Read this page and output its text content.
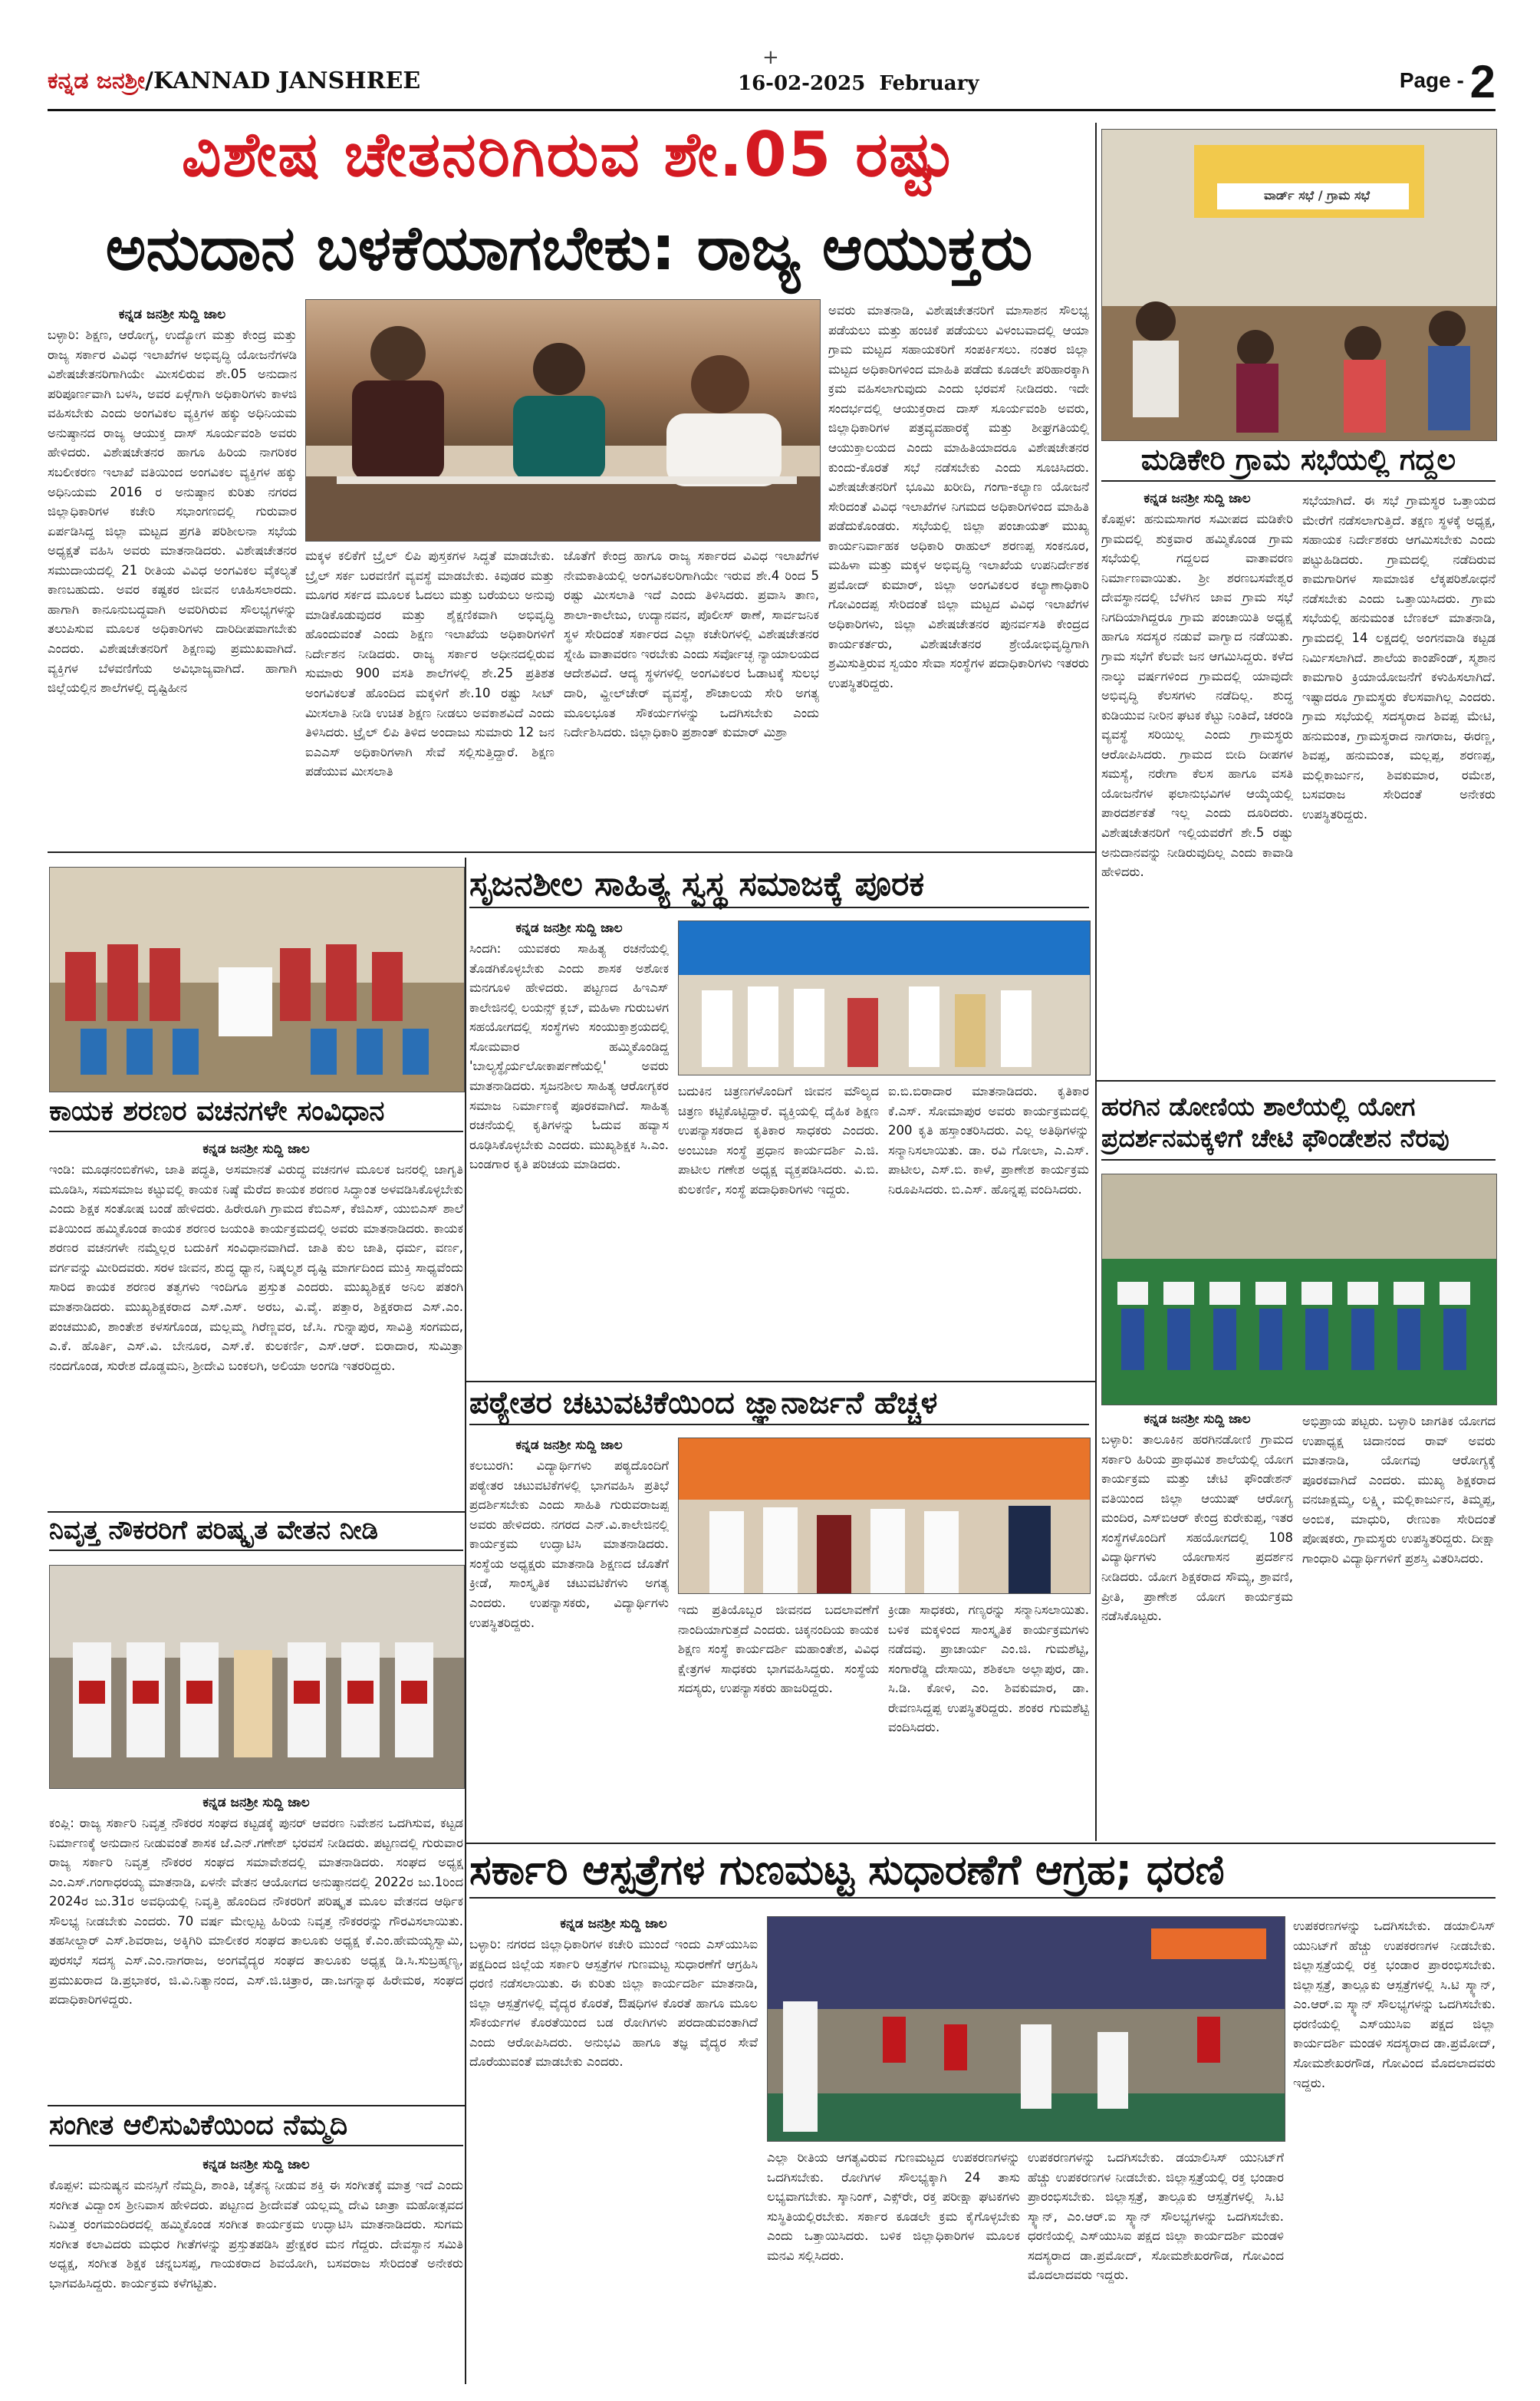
ಕನ್ನಡ ಜನಶ್ರೀ/KANNAD JANSHREE	16-02-2025 February	Page - 2
+
ವಿಶೇಷ ಚೇತನರಿಗಿರುವ ಶೇ.05 ರಷ್ಟು
ಅನುದಾನ ಬಳಕೆಯಾಗಬೇಕು: ರಾಜ್ಯ ಆಯುಕ್ತರು
ಕನ್ನಡ ಜನಶ್ರೀ ಸುದ್ದಿ ಜಾಲ
ಬಳ್ಳಾರಿ: ಶಿಕ್ಷಣ, ಆರೋಗ್ಯ, ಉದ್ಯೋಗ ಮತ್ತು ಕೇಂದ್ರ ಮತ್ತು ರಾಜ್ಯ ಸರ್ಕಾರ ವಿವಿಧ ಇಲಾಖೆಗಳ ಅಭಿವೃದ್ಧಿ ಯೋಜನೆಗಳಡಿ ವಿಶೇಷಚೇತನರಿಗಾಗಿಯೇ ಮೀಸಲಿರುವ ಶೇ.05 ಅನುದಾನ ಪರಿಪೂರ್ಣವಾಗಿ ಬಳಸಿ, ಅವರ ಏಳ್ಗೆಗಾಗಿ ಅಧಿಕಾರಿಗಳು ಕಾಳಜಿ ವಹಿಸಬೇಕು ಎಂದು ಅಂಗವಿಕಲ ವ್ಯಕ್ತಿಗಳ ಹಕ್ಕು ಅಧಿನಿಯಮ ಅನುಷ್ಠಾನದ ರಾಜ್ಯ ಆಯುಕ್ತ ದಾಸ್ ಸೂರ್ಯವಂಶಿ ಅವರು ಹೇಳಿದರು. ವಿಶೇಷಚೇತನರ ಹಾಗೂ ಹಿರಿಯ ನಾಗರಿಕರ ಸಬಲೀಕರಣ ಇಲಾಖೆ ವತಿಯಿಂದ ಅಂಗವಿಕಲ ವ್ಯಕ್ತಿಗಳ ಹಕ್ಕು ಅಧಿನಿಯಮ 2016 ರ ಅನುಷ್ಠಾನ ಕುರಿತು ನಗರದ ಜಿಲ್ಲಾಧಿಕಾರಿಗಳ ಕಚೇರಿ ಸಭಾಂಗಣದಲ್ಲಿ ಗುರುವಾರ ಏರ್ಪಡಿಸಿದ್ದ ಜಿಲ್ಲಾ ಮಟ್ಟದ ಪ್ರಗತಿ ಪರಿಶೀಲನಾ ಸಭೆಯ ಅಧ್ಯಕ್ಷತೆ ವಹಿಸಿ ಅವರು ಮಾತನಾಡಿದರು. ವಿಶೇಷಚೇತನರ ಸಮುದಾಯದಲ್ಲಿ 21 ರೀತಿಯ ವಿವಿಧ ಅಂಗವಿಕಲ ವೈಕಲ್ಯತೆ ಕಾಣಬಹುದು. ಅವರ ಕಷ್ಟಕರ ಜೀವನ ಊಹಿಸಲಾರದು. ಹಾಗಾಗಿ ಕಾನೂನುಬದ್ಧವಾಗಿ ಅವರಿಗಿರುವ ಸೌಲಭ್ಯಗಳನ್ನು ತಲುಪಿಸುವ ಮೂಲಕ ಅಧಿಕಾರಿಗಳು ದಾರಿದೀಪವಾಗಬೇಕು ಎಂದರು. ವಿಶೇಷಚೇತನರಿಗೆ ಶಿಕ್ಷಣವು ಪ್ರಮುಖವಾಗಿದೆ. ವ್ಯಕ್ತಿಗಳ ಬೆಳವಣಿಗೆಯ ಅವಿಭಾಜ್ಯವಾಗಿದೆ. ಹಾಗಾಗಿ ಜಿಲ್ಲೆಯಲ್ಲಿನ ಶಾಲೆಗಳಲ್ಲಿ ದೃಷ್ಟಿಹೀನ
ಮಕ್ಕಳ ಕಲಿಕೆಗೆ ಬ್ರೈಲ್ ಲಿಪಿ ಪುಸ್ತಕಗಳ ಸಿದ್ಧತೆ ಮಾಡಬೇಕು. ಬ್ರೈಲ್ ಸರ್ಕ ಬರವಣಿಗೆ ವ್ಯವಸ್ಥೆ ಮಾಡಬೇಕು. ಕಿವುಡರ ಮತ್ತು ಮೂಗರ ಸರ್ಕದ ಮೂಲಕ ಓದಲು ಮತ್ತು ಬರೆಯಲು ಅನುವು ಮಾಡಿಕೊಡುವುದರ ಮತ್ತು ಶೈಕ್ಷಣಿಕವಾಗಿ ಅಭಿವೃದ್ಧಿ ಹೊಂದುವಂತೆ ಎಂದು ಶಿಕ್ಷಣ ಇಲಾಖೆಯ ಅಧಿಕಾರಿಗಳಿಗೆ ನಿರ್ದೇಶನ ನೀಡಿದರು. ರಾಜ್ಯ ಸರ್ಕಾರ ಅಧೀನದಲ್ಲಿರುವ ಸುಮಾರು 900 ವಸತಿ ಶಾಲೆಗಳಲ್ಲಿ ಶೇ.25 ಪ್ರತಿಶತ ಅಂಗವಿಕಲತೆ ಹೊಂದಿದ ಮಕ್ಕಳಿಗೆ ಶೇ.10 ರಷ್ಟು ಸೀಟ್ ಮೀಸಲಾತಿ ನೀಡಿ ಉಚಿತ ಶಿಕ್ಷಣ ನೀಡಲು ಅವಕಾಶವಿದೆ ಎಂದು ತಿಳಿಸಿದರು. ಟ್ರೈಲ್ ಲಿಪಿ ತಿಳಿದ ಅಂದಾಜು ಸುಮಾರು 12 ಜನ ಐಎಎಸ್ ಅಧಿಕಾರಿಗಳಾಗಿ ಸೇವೆ ಸಲ್ಲಿಸುತ್ತಿದ್ದಾರೆ. ಶಿಕ್ಷಣ ಪಡೆಯುವ ಮೀಸಲಾತಿ
ಜೊತೆಗೆ ಕೇಂದ್ರ ಹಾಗೂ ರಾಜ್ಯ ಸರ್ಕಾರದ ವಿವಿಧ ಇಲಾಖೆಗಳ ನೇಮಕಾತಿಯಲ್ಲಿ ಅಂಗವಿಕಲರಿಗಾಗಿಯೇ ಇರುವ ಶೇ.4 ರಿಂದ 5 ರಷ್ಟು ಮೀಸಲಾತಿ ಇದೆ ಎಂದು ತಿಳಿಸಿದರು. ಪ್ರವಾಸಿ ತಾಣ, ಶಾಲಾ-ಕಾಲೇಜು, ಉದ್ಯಾನವನ, ಪೊಲೀಸ್ ಠಾಣೆ, ಸಾರ್ವಜನಿಕ ಸ್ಥಳ ಸೇರಿದಂತೆ ಸರ್ಕಾರದ ಎಲ್ಲಾ ಕಚೇರಿಗಳಲ್ಲಿ ವಿಶೇಷಚೇತನರ ಸ್ನೇಹಿ ವಾತಾವರಣ ಇರಬೇಕು ಎಂದು ಸರ್ವೋಚ್ಛ ನ್ಯಾಯಾಲಯದ ಆದೇಶವಿದೆ. ಆದ್ಯ ಸ್ಥಳಗಳಲ್ಲಿ ಅಂಗವಿಕಲರ ಓಡಾಟಕ್ಕೆ ಸುಲಭ ದಾರಿ, ವ್ಹೀಲ್‌ಚೇರ್ ವ್ಯವಸ್ಥೆ, ಶೌಚಾಲಯ ಸೇರಿ ಅಗತ್ಯ ಮೂಲಭೂತ ಸೌಕರ್ಯಗಳನ್ನು ಒದಗಿಸಬೇಕು ಎಂದು ನಿರ್ದೇಶಿಸಿದರು. ಜಿಲ್ಲಾಧಿಕಾರಿ ಪ್ರಶಾಂತ್ ಕುಮಾರ್ ಮಿಶ್ರಾ
ಅವರು ಮಾತನಾಡಿ, ವಿಶೇಷಚೇತನರಿಗೆ ಮಾಸಾಶನ ಸೌಲಭ್ಯ ಪಡೆಯಲು ಮತ್ತು ಹಂಚಿಕೆ ಪಡೆಯಲು ವಿಳಂಬವಾದಲ್ಲಿ ಆಯಾ ಗ್ರಾಮ ಮಟ್ಟದ ಸಹಾಯಕರಿಗೆ ಸಂಪರ್ಕಿಸಲು. ನಂತರ ಜಿಲ್ಲಾ ಮಟ್ಟದ ಅಧಿಕಾರಿಗಳಿಂದ ಮಾಹಿತಿ ಪಡೆದು ಕೂಡಲೇ ಪರಿಹಾರಕ್ಕಾಗಿ ಕ್ರಮ ವಹಿಸಲಾಗುವುದು ಎಂದು ಭರವಸೆ ನೀಡಿದರು. ಇದೇ ಸಂದರ್ಭದಲ್ಲಿ ಆಯುಕ್ತರಾದ ದಾಸ್ ಸೂರ್ಯವಂಶಿ ಅವರು, ಜಿಲ್ಲಾಧಿಕಾರಿಗಳ ಪತ್ರವ್ಯವಹಾರಕ್ಕೆ ಮತ್ತು ಶೀಘ್ರಗತಿಯಲ್ಲಿ ಆಯುಕ್ತಾಲಯದ ಎಂದು ಮಾಹಿತಿಯಾದರೂ ವಿಶೇಷಚೇತನರ ಕುಂದು-ಕೊರತೆ ಸಭೆ ನಡೆಸಬೇಕು ಎಂದು ಸೂಚಿಸಿದರು. ವಿಶೇಷಚೇತನರಿಗೆ ಭೂಮಿ ಖರೀದಿ, ಗಂಗಾ-ಕಲ್ಯಾಣ ಯೋಜನೆ ಸೇರಿದಂತೆ ವಿವಿಧ ಇಲಾಖೆಗಳ ನಿಗಮದ ಅಧಿಕಾರಿಗಳಿಂದ ಮಾಹಿತಿ ಪಡೆದುಕೊಂಡರು. ಸಭೆಯಲ್ಲಿ ಜಿಲ್ಲಾ ಪಂಚಾಯತ್ ಮುಖ್ಯ ಕಾರ್ಯನಿರ್ವಾಹಕ ಅಧಿಕಾರಿ ರಾಹುಲ್ ಶರಣಪ್ಪ ಸಂಕನೂರ, ಮಹಿಳಾ ಮತ್ತು ಮಕ್ಕಳ ಅಭಿವೃದ್ಧಿ ಇಲಾಖೆಯ ಉಪನಿರ್ದೇಶಕ ಪ್ರಮೋದ್ ಕುಮಾರ್, ಜಿಲ್ಲಾ ಅಂಗವಿಕಲರ ಕಲ್ಯಾಣಾಧಿಕಾರಿ ಗೋವಿಂದಪ್ಪ ಸೇರಿದಂತೆ ಜಿಲ್ಲಾ ಮಟ್ಟದ ವಿವಿಧ ಇಲಾಖೆಗಳ ಅಧಿಕಾರಿಗಳು, ಜಿಲ್ಲಾ ವಿಶೇಷಚೇತನರ ಪುನರ್ವಸತಿ ಕೇಂದ್ರದ ಕಾರ್ಯಕರ್ತರು, ವಿಶೇಷಚೇತನರ ಶ್ರೇಯೋಭಿವೃದ್ಧಿಗಾಗಿ ಶ್ರಮಿಸುತ್ತಿರುವ ಸ್ವಯಂ ಸೇವಾ ಸಂಸ್ಥೆಗಳ ಪದಾಧಿಕಾರಿಗಳು ಇತರರು ಉಪಸ್ಥಿತರಿದ್ದರು.
ವಾರ್ಡ್ ಸಭೆ / ಗ್ರಾಮ ಸಭೆ
ಮಡಿಕೇರಿ ಗ್ರಾಮ ಸಭೆಯಲ್ಲಿ ಗದ್ದಲ
ಕನ್ನಡ ಜನಶ್ರೀ ಸುದ್ದಿ ಜಾಲ
ಕೊಪ್ಪಳ: ಹನುಮಸಾಗರ ಸಮೀಪದ ಮಡಿಕೇರಿ ಗ್ರಾಮದಲ್ಲಿ ಶುಕ್ರವಾರ ಹಮ್ಮಿಕೊಂಡ ಗ್ರಾಮ ಸಭೆಯಲ್ಲಿ ಗದ್ದಲದ ವಾತಾವರಣ ನಿರ್ಮಾಣವಾಯಿತು. ಶ್ರೀ ಶರಣಬಸವೇಶ್ವರ ದೇವಸ್ಥಾನದಲ್ಲಿ ಬೆಳಗಿನ ಜಾವ ಗ್ರಾಮ ಸಭೆ ನಿಗದಿಯಾಗಿದ್ದರೂ ಗ್ರಾಮ ಪಂಚಾಯಿತಿ ಅಧ್ಯಕ್ಷೆ ಹಾಗೂ ಸದಸ್ಯರ ನಡುವೆ ವಾಗ್ವಾದ ನಡೆಯಿತು. ಗ್ರಾಮ ಸಭೆಗೆ ಕೆಲವೇ ಜನ ಆಗಮಿಸಿದ್ದರು. ಕಳೆದ ನಾಲ್ಕು ವರ್ಷಗಳಿಂದ ಗ್ರಾಮದಲ್ಲಿ ಯಾವುದೇ ಅಭಿವೃದ್ಧಿ ಕೆಲಸಗಳು ನಡೆದಿಲ್ಲ. ಶುದ್ಧ ಕುಡಿಯುವ ನೀರಿನ ಘಟಕ ಕೆಟ್ಟು ನಿಂತಿದೆ, ಚರಂಡಿ ವ್ಯವಸ್ಥೆ ಸರಿಯಿಲ್ಲ ಎಂದು ಗ್ರಾಮಸ್ಥರು ಆರೋಪಿಸಿದರು. ಗ್ರಾಮದ ಬೀದಿ ದೀಪಗಳ ಸಮಸ್ಯೆ, ನರೇಗಾ ಕೆಲಸ ಹಾಗೂ ವಸತಿ ಯೋಜನೆಗಳ ಫಲಾನುಭವಿಗಳ ಆಯ್ಕೆಯಲ್ಲಿ ಪಾರದರ್ಶಕತೆ ಇಲ್ಲ ಎಂದು ದೂರಿದರು. ವಿಶೇಷಚೇತನರಿಗೆ ಇಲ್ಲಿಯವರೆಗೆ ಶೇ.5 ರಷ್ಟು ಅನುದಾನವನ್ನು ನೀಡಿರುವುದಿಲ್ಲ ಎಂದು ಕಾವಾಡಿ ಹೇಳಿದರು.
ಸಭೆಯಾಗಿದೆ. ಈ ಸಭೆ ಗ್ರಾಮಸ್ಥರ ಒತ್ತಾಯದ ಮೇರೆಗೆ ನಡೆಸಲಾಗುತ್ತಿದೆ. ತಕ್ಷಣ ಸ್ಥಳಕ್ಕೆ ಅಧ್ಯಕ್ಷ, ಸಹಾಯಕ ನಿರ್ದೇಶಕರು ಆಗಮಿಸಬೇಕು ಎಂದು ಪಟ್ಟುಹಿಡಿದರು. ಗ್ರಾಮದಲ್ಲಿ ನಡೆದಿರುವ ಕಾಮಗಾರಿಗಳ ಸಾಮಾಜಿಕ ಲೆಕ್ಕಪರಿಶೋಧನೆ ನಡೆಸಬೇಕು ಎಂದು ಒತ್ತಾಯಿಸಿದರು. ಗ್ರಾಮ ಸಭೆಯಲ್ಲಿ ಹನುಮಂತ ಬೆಣಕಲ್ ಮಾತನಾಡಿ, ಗ್ರಾಮದಲ್ಲಿ 14 ಲಕ್ಷದಲ್ಲಿ ಅಂಗನವಾಡಿ ಕಟ್ಟಡ ನಿರ್ಮಿಸಲಾಗಿದೆ. ಶಾಲೆಯ ಕಾಂಪೌಂಡ್, ಸ್ಮಶಾನ ಕಾಮಗಾರಿ ಕ್ರಿಯಾಯೋಜನೆಗೆ ಕಳುಹಿಸಲಾಗಿದೆ. ಇಷ್ಟಾದರೂ ಗ್ರಾಮಸ್ಥರು ಕೆಲಸವಾಗಿಲ್ಲ ಎಂದರು. ಗ್ರಾಮ ಸಭೆಯಲ್ಲಿ ಸದಸ್ಯರಾದ ಶಿವಪ್ಪ ಮೇಟಿ, ಹನುಮಂತ, ಗ್ರಾಮಸ್ಥರಾದ ನಾಗರಾಜ, ಈರಣ್ಣ, ಶಿವಪ್ಪ, ಹನುಮಂತ, ಮಲ್ಲಪ್ಪ, ಶರಣಪ್ಪ, ಮಲ್ಲಿಕಾರ್ಜುನ, ಶಿವಕುಮಾರ, ರಮೇಶ, ಬಸವರಾಜ ಸೇರಿದಂತೆ ಅನೇಕರು ಉಪಸ್ಥಿತರಿದ್ದರು.
ಕಾಯಕ ಶರಣರ ವಚನಗಳೇ ಸಂವಿಧಾನ
ಕನ್ನಡ ಜನಶ್ರೀ ಸುದ್ದಿ ಜಾಲ
ಇಂಡಿ: ಮೂಢನಂಬಿಕೆಗಳು, ಜಾತಿ ಪದ್ಧತಿ, ಅಸಮಾನತೆ ವಿರುದ್ಧ ವಚನಗಳ ಮೂಲಕ ಜನರಲ್ಲಿ ಜಾಗೃತಿ ಮೂಡಿಸಿ, ಸಮಸಮಾಜ ಕಟ್ಟುವಲ್ಲಿ ಕಾಯಕ ನಿಷ್ಠೆ ಮೆರೆದ ಕಾಯಕ ಶರಣರ ಸಿದ್ಧಾಂತ ಅಳವಡಿಸಿಕೊಳ್ಳಬೇಕು ಎಂದು ಶಿಕ್ಷಕ ಸಂತೋಷ ಬಂಡೆ ಹೇಳಿದರು. ಹಿರೇರೂಗಿ ಗ್ರಾಮದ ಕೆಬಿಎಸ್, ಕೆಜಿಎಸ್, ಯುಬಿಎಸ್ ಶಾಲೆ ವತಿಯಿಂದ ಹಮ್ಮಿಕೊಂಡ ಕಾಯಕ ಶರಣರ ಜಯಂತಿ ಕಾರ್ಯಕ್ರಮದಲ್ಲಿ ಅವರು ಮಾತನಾಡಿದರು. ಕಾಯಕ ಶರಣರ ವಚನಗಳೇ ನಮ್ಮೆಲ್ಲರ ಬದುಕಿಗೆ ಸಂವಿಧಾನವಾಗಿದೆ. ಜಾತಿ ಕುಲ ಜಾತಿ, ಧರ್ಮ, ವರ್ಣ, ವರ್ಗವನ್ನು ಮೀರಿದವರು. ಸರಳ ಜೀವನ, ಶುದ್ಧ ಧ್ಯಾನ, ನಿಷ್ಕಲ್ಮಶ ದೃಷ್ಟಿ ಮಾರ್ಗದಿಂದ ಮುಕ್ತಿ ಸಾಧ್ಯವೆಂದು ಸಾರಿದ ಕಾಯಕ ಶರಣರ ತತ್ವಗಳು ಇಂದಿಗೂ ಪ್ರಸ್ತುತ ಎಂದರು. ಮುಖ್ಯಶಿಕ್ಷಕ ಅನಿಲ ಪತಂಗಿ ಮಾತನಾಡಿದರು. ಮುಖ್ಯಶಿಕ್ಷಕರಾದ ಎಸ್.ಎಸ್. ಅರಬ, ವಿ.ವೈ. ಪತ್ತಾರ, ಶಿಕ್ಷಕರಾದ ಎಸ್.ಎಂ. ಪಂಚಮುಖಿ, ಶಾಂತೇಶ ಕಳಸಗೊಂಡ, ಮಲ್ಲಮ್ಮ ಗಿರೆಣ್ಣವರ, ಜೆ.ಸಿ. ಗುನ್ನಾಪುರ, ಸಾವಿತ್ರಿ ಸಂಗಮದ, ಎ.ಕೆ. ಹೊರ್ತಿ, ಎಸ್.ವಿ. ಬೇನೂರ, ಎಸ್.ಕೆ. ಕುಲಕರ್ಣಿ, ಎಸ್.ಆರ್. ಬಿರಾದಾರ, ಸುಮಿತ್ರಾ ನಂದಗೊಂಡ, ಸುರೇಶ ದೊಡ್ಡಮನಿ, ಶ್ರೀದೇವಿ ಬಂಕಲಗಿ, ಅಲಿಯಾ ಅಂಗಡಿ ಇತರರಿದ್ದರು.
ಸೃಜನಶೀಲ ಸಾಹಿತ್ಯ ಸ್ವಸ್ಥ ಸಮಾಜಕ್ಕೆ ಪೂರಕ
ಕನ್ನಡ ಜನಶ್ರೀ ಸುದ್ದಿ ಜಾಲ
ಸಿಂದಗಿ: ಯುವಕರು ಸಾಹಿತ್ಯ ರಚನೆಯಲ್ಲಿ ತೊಡಗಿಕೊಳ್ಳಬೇಕು ಎಂದು ಶಾಸಕ ಅಶೋಕ ಮನಗೂಳಿ ಹೇಳಿದರು. ಪಟ್ಟಣದ ಹಿಇಎಸ್ ಕಾಲೇಜಿನಲ್ಲಿ ಲಯನ್ಸ್ ಕ್ಲಬ್, ಮಹಿಳಾ ಗುರುಬಳಗ ಸಹಯೋಗದಲ್ಲಿ ಸಂಸ್ಥೆಗಳು ಸಂಯುಕ್ತಾಶ್ರಯದಲ್ಲಿ ಸೋಮವಾರ ಹಮ್ಮಿಕೊಂಡಿದ್ದ 'ಬಾಲ್ಯಸ್ಥೈರ್ಯಲೋಕಾರ್ಪಣೆಯಲ್ಲಿ' ಅವರು ಮಾತನಾಡಿದರು. ಸೃಜನಶೀಲ ಸಾಹಿತ್ಯ ಆರೋಗ್ಯಕರ ಸಮಾಜ ನಿರ್ಮಾಣಕ್ಕೆ ಪೂರಕವಾಗಿದೆ. ಸಾಹಿತ್ಯ ರಚನೆಯಲ್ಲಿ ಕೃತಿಗಳನ್ನು ಓದುವ ಹವ್ಯಾಸ ರೂಢಿಸಿಕೊಳ್ಳಬೇಕು ಎಂದರು. ಮುಖ್ಯಶಿಕ್ಷಕ ಸಿ.ಎಂ. ಬಂಡಗಾರ ಕೃತಿ ಪರಿಚಯ ಮಾಡಿದರು.
ಬದುಕಿನ ಚಿತ್ರಣಗಳೊಂದಿಗೆ ಜೀವನ ಮೌಲ್ಯದ ಚಿತ್ರಣ ಕಟ್ಟಿಕೊಟ್ಟಿದ್ದಾರೆ. ವ್ಯಕ್ತಿಯಲ್ಲಿ ದೈಹಿಕ ಶಿಕ್ಷಣ ಉಪನ್ಯಾಸಕರಾದ ಕೃತಿಕಾರ ಸಾಧಕರು ಎಂದರು. ಅಂಬುಜಾ ಸಂಸ್ಥೆ ಪ್ರಧಾನ ಕಾರ್ಯದರ್ಶಿ ಎ.ಜಿ. ಪಾಟೀಲ ಗಣೇಶ ಅಧ್ಯಕ್ಷ ವ್ಯಕ್ತಪಡಿಸಿದರು. ವಿ.ಬಿ. ಕುಲಕರ್ಣಿ, ಸಂಸ್ಥೆ ಪದಾಧಿಕಾರಿಗಳು ಇದ್ದರು.
ಐ.ಬಿ.ಬಿರಾದಾರ ಮಾತನಾಡಿದರು. ಕೃತಿಕಾರ ಕೆ.ಎಸ್. ಸೋಮಾಪುರ ಅವರು ಕಾರ್ಯಕ್ರಮದಲ್ಲಿ 200 ಕೃತಿ ಹಸ್ತಾಂತರಿಸಿದರು. ಎಲ್ಲ ಅತಿಥಿಗಳನ್ನು ಸನ್ಮಾನಿಸಲಾಯಿತು. ಡಾ. ರವಿ ಗೋಲಾ, ಎ.ಎಸ್. ಪಾಟೀಲ, ಎಸ್.ಬಿ. ಕಾಳೆ, ಪ್ರಾಣೇಶ ಕಾರ್ಯಕ್ರಮ ನಿರೂಪಿಸಿದರು. ಬಿ.ಎಸ್. ಹೊನ್ನಪ್ಪ ವಂದಿಸಿದರು.
ಹರಗಿನ ಡೋಣಿಯ ಶಾಲೆಯಲ್ಲಿ ಯೋಗ ಪ್ರದರ್ಶನಮಕ್ಕಳಿಗೆ ಚೇಟಿ ಫೌಂಡೇಶನ ನೆರವು
ಕನ್ನಡ ಜನಶ್ರೀ ಸುದ್ದಿ ಜಾಲ
ಬಳ್ಳಾರಿ: ತಾಲೂಕಿನ ಹರಗಿನಡೋಣಿ ಗ್ರಾಮದ ಸರ್ಕಾರಿ ಹಿರಿಯ ಪ್ರಾಥಮಿಕ ಶಾಲೆಯಲ್ಲಿ ಯೋಗ ಕಾರ್ಯಕ್ರಮ ಮತ್ತು ಚೇಟಿ ಫೌಂಡೇಶನ್ ವತಿಯಿಂದ ಜಿಲ್ಲಾ ಆಯುಷ್ ಆರೋಗ್ಯ ಮಂದಿರ, ಎಸ್‌ಬಿಆರ್ ಕೇಂದ್ರ ಕುರೇಕುಪ್ಪ, ಇತರ ಸಂಸ್ಥೆಗಳೊಂದಿಗೆ ಸಹಯೋಗದಲ್ಲಿ 108 ವಿದ್ಯಾರ್ಥಿಗಳು ಯೋಗಾಸನ ಪ್ರದರ್ಶನ ನೀಡಿದರು. ಯೋಗ ಶಿಕ್ಷಕರಾದ ಸೌಮ್ಯ, ಶ್ರಾವಣಿ, ಪ್ರೀತಿ, ಪ್ರಾಣೇಶ ಯೋಗ ಕಾರ್ಯಕ್ರಮ ನಡೆಸಿಕೊಟ್ಟರು.
ಅಭಿಪ್ರಾಯ ಪಟ್ಟರು. ಬಳ್ಳಾರಿ ಜಾಗತಿಕ ಯೋಗದ ಉಪಾಧ್ಯಕ್ಷ ಚಿದಾನಂದ ರಾವ್ ಅವರು ಮಾತನಾಡಿ, ಯೋಗವು ಆರೋಗ್ಯಕ್ಕೆ ಪೂರಕವಾಗಿದೆ ಎಂದರು. ಮುಖ್ಯ ಶಿಕ್ಷಕರಾದ ವನಜಾಕ್ಷಮ್ಮ, ಲಕ್ಷ್ಮಿ, ಮಲ್ಲಿಕಾರ್ಜುನ, ತಿಮ್ಮಪ್ಪ, ಅಂಬಿಕ, ಮಾಧುರಿ, ರೇಣುಕಾ ಸೇರಿದಂತೆ ಪೋಷಕರು, ಗ್ರಾಮಸ್ಥರು ಉಪಸ್ಥಿತರಿದ್ದರು. ದೀಕ್ಷಾ ಗಾಂಧಾರಿ ವಿದ್ಯಾರ್ಥಿಗಳಿಗೆ ಪ್ರಶಸ್ತಿ ವಿತರಿಸಿದರು.
ಪಠ್ಯೇತರ ಚಟುವಟಿಕೆಯಿಂದ ಜ್ಞಾನಾರ್ಜನೆ ಹೆಚ್ಚಳ
ಕನ್ನಡ ಜನಶ್ರೀ ಸುದ್ದಿ ಜಾಲ
ಕಲಬುರಗಿ: ವಿದ್ಯಾರ್ಥಿಗಳು ಪಠ್ಯದೊಂದಿಗೆ ಪಠ್ಯೇತರ ಚಟುವಟಿಕೆಗಳಲ್ಲಿ ಭಾಗವಹಿಸಿ ಪ್ರತಿಭೆ ಪ್ರದರ್ಶಿಸಬೇಕು ಎಂದು ಸಾಹಿತಿ ಗುರುವರಾಜಪ್ಪ ಅವರು ಹೇಳಿದರು. ನಗರದ ಎನ್.ವಿ.ಕಾಲೇಜಿನಲ್ಲಿ ಕಾರ್ಯಕ್ರಮ ಉದ್ಘಾಟಿಸಿ ಮಾತನಾಡಿದರು. ಸಂಸ್ಥೆಯ ಅಧ್ಯಕ್ಷರು ಮಾತನಾಡಿ ಶಿಕ್ಷಣದ ಜೊತೆಗೆ ಕ್ರೀಡೆ, ಸಾಂಸ್ಕೃತಿಕ ಚಟುವಟಿಕೆಗಳು ಅಗತ್ಯ ಎಂದರು. ಉಪನ್ಯಾಸಕರು, ವಿದ್ಯಾರ್ಥಿಗಳು ಉಪಸ್ಥಿತರಿದ್ದರು.
ಇದು ಪ್ರತಿಯೊಬ್ಬರ ಜೀವನದ ಬದಲಾವಣೆಗೆ ನಾಂದಿಯಾಗುತ್ತದೆ ಎಂದರು. ಚಿಕ್ಕನಂದಿಯ ಕಾಯಕ ಶಿಕ್ಷಣ ಸಂಸ್ಥೆ ಕಾರ್ಯದರ್ಶಿ ಮಹಾಂತೇಶ, ವಿವಿಧ ಕ್ಷೇತ್ರಗಳ ಸಾಧಕರು ಭಾಗವಹಿಸಿದ್ದರು. ಸಂಸ್ಥೆಯ ಸದಸ್ಯರು, ಉಪನ್ಯಾಸಕರು ಹಾಜರಿದ್ದರು.
ಕ್ರೀಡಾ ಸಾಧಕರು, ಗಣ್ಯರನ್ನು ಸನ್ಮಾನಿಸಲಾಯಿತು. ಬಳಿಕ ಮಕ್ಕಳಿಂದ ಸಾಂಸ್ಕೃತಿಕ ಕಾರ್ಯಕ್ರಮಗಳು ನಡೆದವು. ಪ್ರಾಚಾರ್ಯ ಎಂ.ಜಿ. ಗುಮಶೆಟ್ಟಿ, ಸಂಗಾರೆಡ್ಡಿ ದೇಸಾಯಿ, ಶಶಿಕಲಾ ಅಲ್ಲಾಪುರ, ಡಾ. ಸಿ.ಡಿ. ಕೋಳಿ, ಎಂ. ಶಿವಕುಮಾರ, ಡಾ. ರೇವಣಸಿದ್ದಪ್ಪ ಉಪಸ್ಥಿತರಿದ್ದರು. ಶಂಕರ ಗುಮಶೆಟ್ಟಿ ವಂದಿಸಿದರು.
ನಿವೃತ್ತ ನೌಕರರಿಗೆ ಪರಿಷ್ಕೃತ ವೇತನ ನೀಡಿ
ಕನ್ನಡ ಜನಶ್ರೀ ಸುದ್ದಿ ಜಾಲ
ಕಂಪ್ಲಿ: ರಾಜ್ಯ ಸರ್ಕಾರಿ ನಿವೃತ್ತ ನೌಕರರ ಸಂಘದ ಕಟ್ಟಡಕ್ಕೆ ಪುನರ್ ಆವರಣ ನಿವೇಶನ ಒದಗಿಸುವ, ಕಟ್ಟಡ ನಿರ್ಮಾಣಕ್ಕೆ ಅನುದಾನ ನೀಡುವಂತೆ ಶಾಸಕ ಜೆ.ಎನ್.ಗಣೇಶ್ ಭರವಸೆ ನೀಡಿದರು. ಪಟ್ಟಣದಲ್ಲಿ ಗುರುವಾರ ರಾಜ್ಯ ಸರ್ಕಾರಿ ನಿವೃತ್ತ ನೌಕರರ ಸಂಘದ ಸಮಾವೇಶದಲ್ಲಿ ಮಾತನಾಡಿದರು. ಸಂಘದ ಅಧ್ಯಕ್ಷ ಎಂ.ಎಸ್.ಗಂಗಾಧರಯ್ಯ ಮಾತನಾಡಿ, ಏಳನೇ ವೇತನ ಆಯೋಗದ ಅನುಷ್ಠಾನದಲ್ಲಿ 2022ರ ಜು.1ರಿಂದ 2024ರ ಜು.31ರ ಅವಧಿಯಲ್ಲಿ ನಿವೃತ್ತಿ ಹೊಂದಿದ ನೌಕರರಿಗೆ ಪರಿಷ್ಕೃತ ಮೂಲ ವೇತನದ ಆರ್ಥಿಕ ಸೌಲಭ್ಯ ನೀಡಬೇಕು ಎಂದರು. 70 ವರ್ಷ ಮೇಲ್ಪಟ್ಟ ಹಿರಿಯ ನಿವೃತ್ತ ನೌಕರರನ್ನು ಗೌರವಿಸಲಾಯಿತು. ತಹಸೀಲ್ದಾರ್ ಎಸ್.ಶಿವರಾಜ, ಅಕ್ಕಿಗಿರಿ ಮಾಲೀಕರ ಸಂಘದ ತಾಲೂಕು ಅಧ್ಯಕ್ಷ ಕೆ.ಎಂ.ಹೇಮಯ್ಯಸ್ವಾಮಿ, ಪುರಸಭೆ ಸದಸ್ಯ ಎಸ್.ಎಂ.ನಾಗರಾಜ, ಅಂಗವೈದ್ಯರ ಸಂಘದ ತಾಲೂಕು ಅಧ್ಯಕ್ಷ ಡಿ.ಸಿ.ಸುಬ್ರಹ್ಮಣ್ಯ, ಪ್ರಮುಖರಾದ ಡಿ.ಪ್ರಭಾಕರ, ಜಿ.ವಿ.ನಿತ್ಯಾನಂದ, ಎಸ್.ಜಿ.ಚಿತ್ರಾರ, ಡಾ.ಜಗನ್ನಾಥ ಹಿರೇಮಠ, ಸಂಘದ ಪದಾಧಿಕಾರಿಗಳಿದ್ದರು.
ಸರ್ಕಾರಿ ಆಸ್ಪತ್ರೆಗಳ ಗುಣಮಟ್ಟ ಸುಧಾರಣೆಗೆ ಆಗ್ರಹ; ಧರಣಿ
ಕನ್ನಡ ಜನಶ್ರೀ ಸುದ್ದಿ ಜಾಲ
ಬಳ್ಳಾರಿ: ನಗರದ ಜಿಲ್ಲಾಧಿಕಾರಿಗಳ ಕಚೇರಿ ಮುಂದೆ ಇಂದು ಎಸ್‌ಯುಸಿಐ ಪಕ್ಷದಿಂದ ಜಿಲ್ಲೆಯ ಸರ್ಕಾರಿ ಆಸ್ಪತ್ರೆಗಳ ಗುಣಮಟ್ಟ ಸುಧಾರಣೆಗೆ ಆಗ್ರಹಿಸಿ ಧರಣಿ ನಡೆಸಲಾಯಿತು. ಈ ಕುರಿತು ಜಿಲ್ಲಾ ಕಾರ್ಯದರ್ಶಿ ಮಾತನಾಡಿ, ಜಿಲ್ಲಾ ಆಸ್ಪತ್ರೆಗಳಲ್ಲಿ ವೈದ್ಯರ ಕೊರತೆ, ಔಷಧಿಗಳ ಕೊರತೆ ಹಾಗೂ ಮೂಲ ಸೌಕರ್ಯಗಳ ಕೊರತೆಯಿಂದ ಬಡ ರೋಗಿಗಳು ಪರದಾಡುವಂತಾಗಿದೆ ಎಂದು ಆರೋಪಿಸಿದರು. ಅನುಭವಿ ಹಾಗೂ ತಜ್ಞ ವೈದ್ಯರ ಸೇವೆ ದೊರೆಯುವಂತೆ ಮಾಡಬೇಕು ಎಂದರು.
ಎಲ್ಲಾ ರೀತಿಯ ಆಗತ್ಯವಿರುವ ಗುಣಮಟ್ಟದ ಉಪಕರಣಗಳನ್ನು ಒದಗಿಸಬೇಕು. ರೋಗಿಗಳ ಸೌಲಭ್ಯಕ್ಕಾಗಿ 24 ತಾಸು ಲಭ್ಯವಾಗಬೇಕು. ಸ್ಕಾನಿಂಗ್, ಎಕ್ಸ್‌ರೇ, ರಕ್ತ ಪರೀಕ್ಷಾ ಘಟಕಗಳು ಸುಸ್ಥಿತಿಯಲ್ಲಿರಬೇಕು. ಸರ್ಕಾರ ಕೂಡಲೇ ಕ್ರಮ ಕೈಗೊಳ್ಳಬೇಕು ಎಂದು ಒತ್ತಾಯಿಸಿದರು. ಬಳಿಕ ಜಿಲ್ಲಾಧಿಕಾರಿಗಳ ಮೂಲಕ ಮನವಿ ಸಲ್ಲಿಸಿದರು.
ಉಪಕರಣಗಳನ್ನು ಒದಗಿಸಬೇಕು. ಡಯಾಲಿಸಿಸ್ ಯುನಿಟ್‌ಗೆ ಹೆಚ್ಚು ಉಪಕರಣಗಳ ನೀಡಬೇಕು. ಜಿಲ್ಲಾಸ್ಪತ್ರೆಯಲ್ಲಿ ರಕ್ತ ಭಂಡಾರ ಪ್ರಾರಂಭಿಸಬೇಕು. ಜಿಲ್ಲಾಸ್ಪತ್ರೆ, ತಾಲ್ಲೂಕು ಆಸ್ಪತ್ರೆಗಳಲ್ಲಿ ಸಿ.ಟಿ ಸ್ಕ್ಯಾನ್, ಎಂ.ಆರ್.ಐ ಸ್ಕ್ಯಾನ್ ಸೌಲಭ್ಯಗಳನ್ನು ಒದಗಿಸಬೇಕು. ಧರಣಿಯಲ್ಲಿ ಎಸ್‌ಯುಸಿಐ ಪಕ್ಷದ ಜಿಲ್ಲಾ ಕಾರ್ಯದರ್ಶಿ ಮಂಡಳಿ ಸದಸ್ಯರಾದ ಡಾ.ಪ್ರಮೋದ್, ಸೋಮಶೇಖರಗೌಡ, ಗೋವಿಂದ ಮೊದಲಾದವರು ಇದ್ದರು.
ಉಪಕರಣಗಳನ್ನು ಒದಗಿಸಬೇಕು. ಡಯಾಲಿಸಿಸ್ ಯುನಿಟ್‌ಗೆ ಹೆಚ್ಚು ಉಪಕರಣಗಳ ನೀಡಬೇಕು. ಜಿಲ್ಲಾಸ್ಪತ್ರೆಯಲ್ಲಿ ರಕ್ತ ಭಂಡಾರ ಪ್ರಾರಂಭಿಸಬೇಕು. ಜಿಲ್ಲಾಸ್ಪತ್ರೆ, ತಾಲ್ಲೂಕು ಆಸ್ಪತ್ರೆಗಳಲ್ಲಿ ಸಿ.ಟಿ ಸ್ಕ್ಯಾನ್, ಎಂ.ಆರ್.ಐ ಸ್ಕ್ಯಾನ್ ಸೌಲಭ್ಯಗಳನ್ನು ಒದಗಿಸಬೇಕು. ಧರಣಿಯಲ್ಲಿ ಎಸ್‌ಯುಸಿಐ ಪಕ್ಷದ ಜಿಲ್ಲಾ ಕಾರ್ಯದರ್ಶಿ ಮಂಡಳಿ ಸದಸ್ಯರಾದ ಡಾ.ಪ್ರಮೋದ್, ಸೋಮಶೇಖರಗೌಡ, ಗೋವಿಂದ ಮೊದಲಾದವರು ಇದ್ದರು.
ಸಂಗೀತ ಆಲಿಸುವಿಕೆಯಿಂದ ನೆಮ್ಮದಿ
ಕನ್ನಡ ಜನಶ್ರೀ ಸುದ್ದಿ ಜಾಲ
ಕೊಪ್ಪಳ: ಮನುಷ್ಯನ ಮನಸ್ಸಿಗೆ ನೆಮ್ಮದಿ, ಶಾಂತಿ, ಚೈತನ್ಯ ನೀಡುವ ಶಕ್ತಿ ಈ ಸಂಗೀತಕ್ಕೆ ಮಾತ್ರ ಇದೆ ಎಂದು ಸಂಗೀತ ವಿದ್ವಾಂಸ ಶ್ರೀನಿವಾಸ ಹೇಳಿದರು. ಪಟ್ಟಣದ ಶ್ರೀದೇವತೆ ಯಲ್ಲಮ್ಮ ದೇವಿ ಜಾತ್ರಾ ಮಹೋತ್ಸವದ ನಿಮಿತ್ತ ರಂಗಮಂದಿರದಲ್ಲಿ ಹಮ್ಮಿಕೊಂಡ ಸಂಗೀತ ಕಾರ್ಯಕ್ರಮ ಉದ್ಘಾಟಿಸಿ ಮಾತನಾಡಿದರು. ಸುಗಮ ಸಂಗೀತ ಕಲಾವಿದರು ಮಧುರ ಗೀತೆಗಳನ್ನು ಪ್ರಸ್ತುತಪಡಿಸಿ ಪ್ರೇಕ್ಷಕರ ಮನ ಗೆದ್ದರು. ದೇವಸ್ಥಾನ ಸಮಿತಿ ಅಧ್ಯಕ್ಷ, ಸಂಗೀತ ಶಿಕ್ಷಕ ಚನ್ನಬಸಪ್ಪ, ಗಾಯಕರಾದ ಶಿವಯೋಗಿ, ಬಸವರಾಜ ಸೇರಿದಂತೆ ಅನೇಕರು ಭಾಗವಹಿಸಿದ್ದರು. ಕಾರ್ಯಕ್ರಮ ಕಳೆಗಟ್ಟಿತು.
